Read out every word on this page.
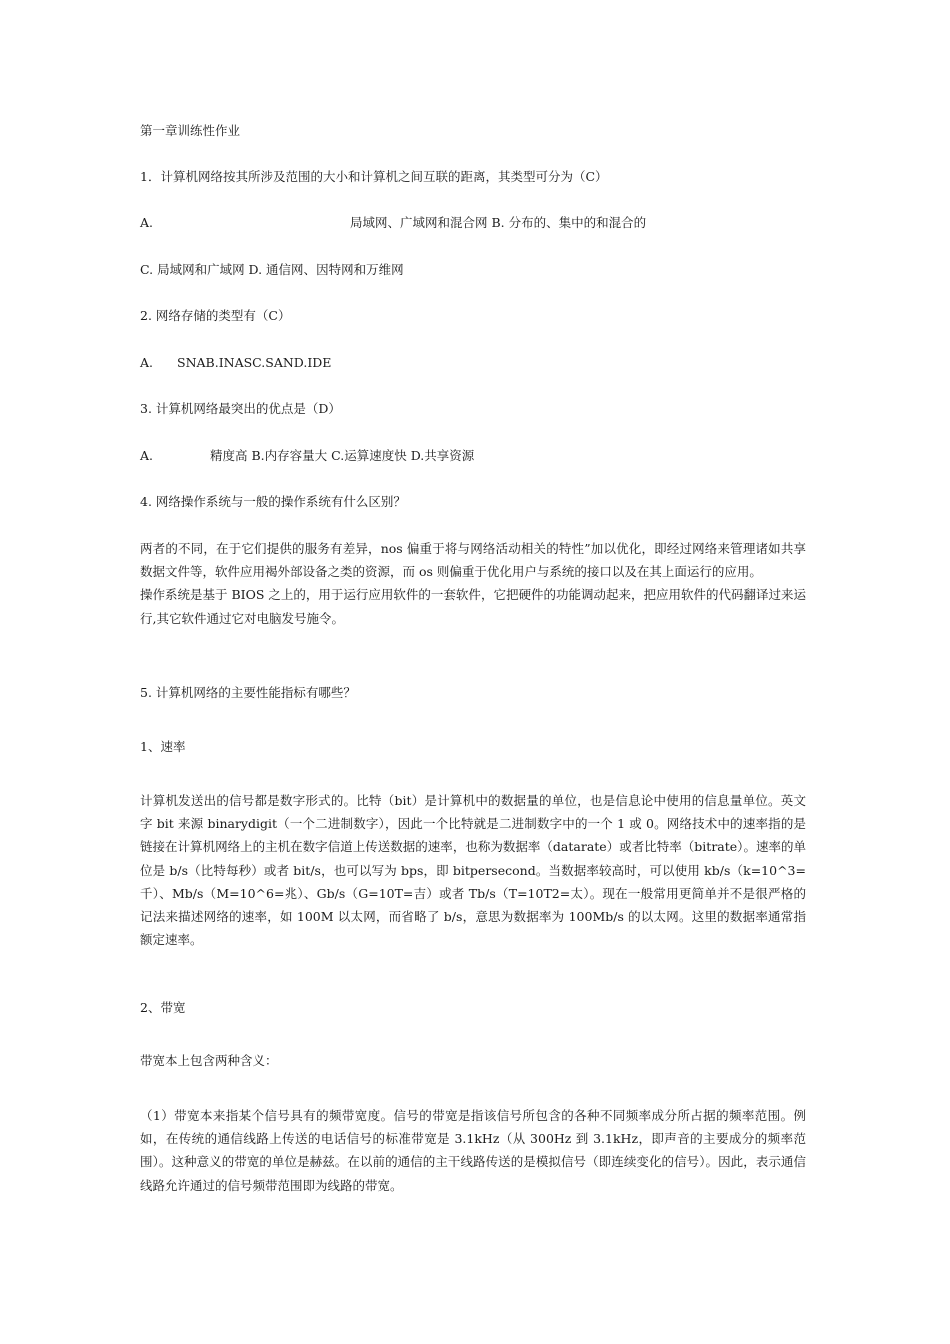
第一章训练性作业
1．计算机网络按其所涉及范围的大小和计算机之间互联的距离，其类型可分为（C）
A.	局域网、广域网和混合网 B. 分布的、集中的和混合的
C. 局域网和广域网 D. 通信网、因特网和万维网
2. 网络存储的类型有（C）
A. SNAB.INASC.SAND.IDE
3. 计算机网络最突出的优点是（D）
A.	精度高 B.内存容量大 C.运算速度快 D.共享资源
4. 网络操作系统与一般的操作系统有什么区别？

两者的不同，在于它们提供的服务有差异，nos 偏重于将与网络活动相关的特性”加以优化，即经过网络来管理诸如共享数据文件等，软件应用褐外部设备之类的资源，而 os 则偏重于优化用户与系统的接口以及在其上面运行的应用。

操作系统是基于 BIOS 之上的，用于运行应用软件的一套软件，它把硬件的功能调动起来，把应用软件的代码翻译过来运行,其它软件通过它对电脑发号施令。

5. 计算机网络的主要性能指标有哪些？
1、速率
计算机发送出的信号都是数字形式的。比特（bit）是计算机中的数据量的单位，也是信息论中使用的信息量单位。英文字 bit 来源 binarydigit（一个二进制数字），因此一个比特就是二进制数字中的一个 1 或 0。网络技术中的速率指的是链接在计算机网络上的主机在数字信道上传送数据的速率，也称为数据率（datarate）或者比特率（bitrate）。速率的单位是 b/s（比特每秒）或者 bit/s，也可以写为 bps，即 bitpersecond。当数据率较高时，可以使用 kb/s（k=10^3=千）、Mb/s（M=10^6=兆）、Gb/s（G=10T=吉）或者 Tb/s（T=10T2=太）。现在一般常用更简单并不是很严格的记法来描述网络的速率，如 100M 以太网，而省略了 b/s，意思为数据率为 100Mb/s 的以太网。这里的数据率通常指额定速率。
2、带宽
带宽本上包含两种含义：
（1）带宽本来指某个信号具有的频带宽度。信号的带宽是指该信号所包含的各种不同频率成分所占据的频率范围。例如，在传统的通信线路上传送的电话信号的标准带宽是 3.1kHz（从 300Hz 到 3.1kHz，即声音的主要成分的频率范围）。这种意义的带宽的单位是赫兹。在以前的通信的主干线路传送的是模拟信号（即连续变化的信号）。因此，表示通信线路允许通过的信号频带范围即为线路的带宽。
